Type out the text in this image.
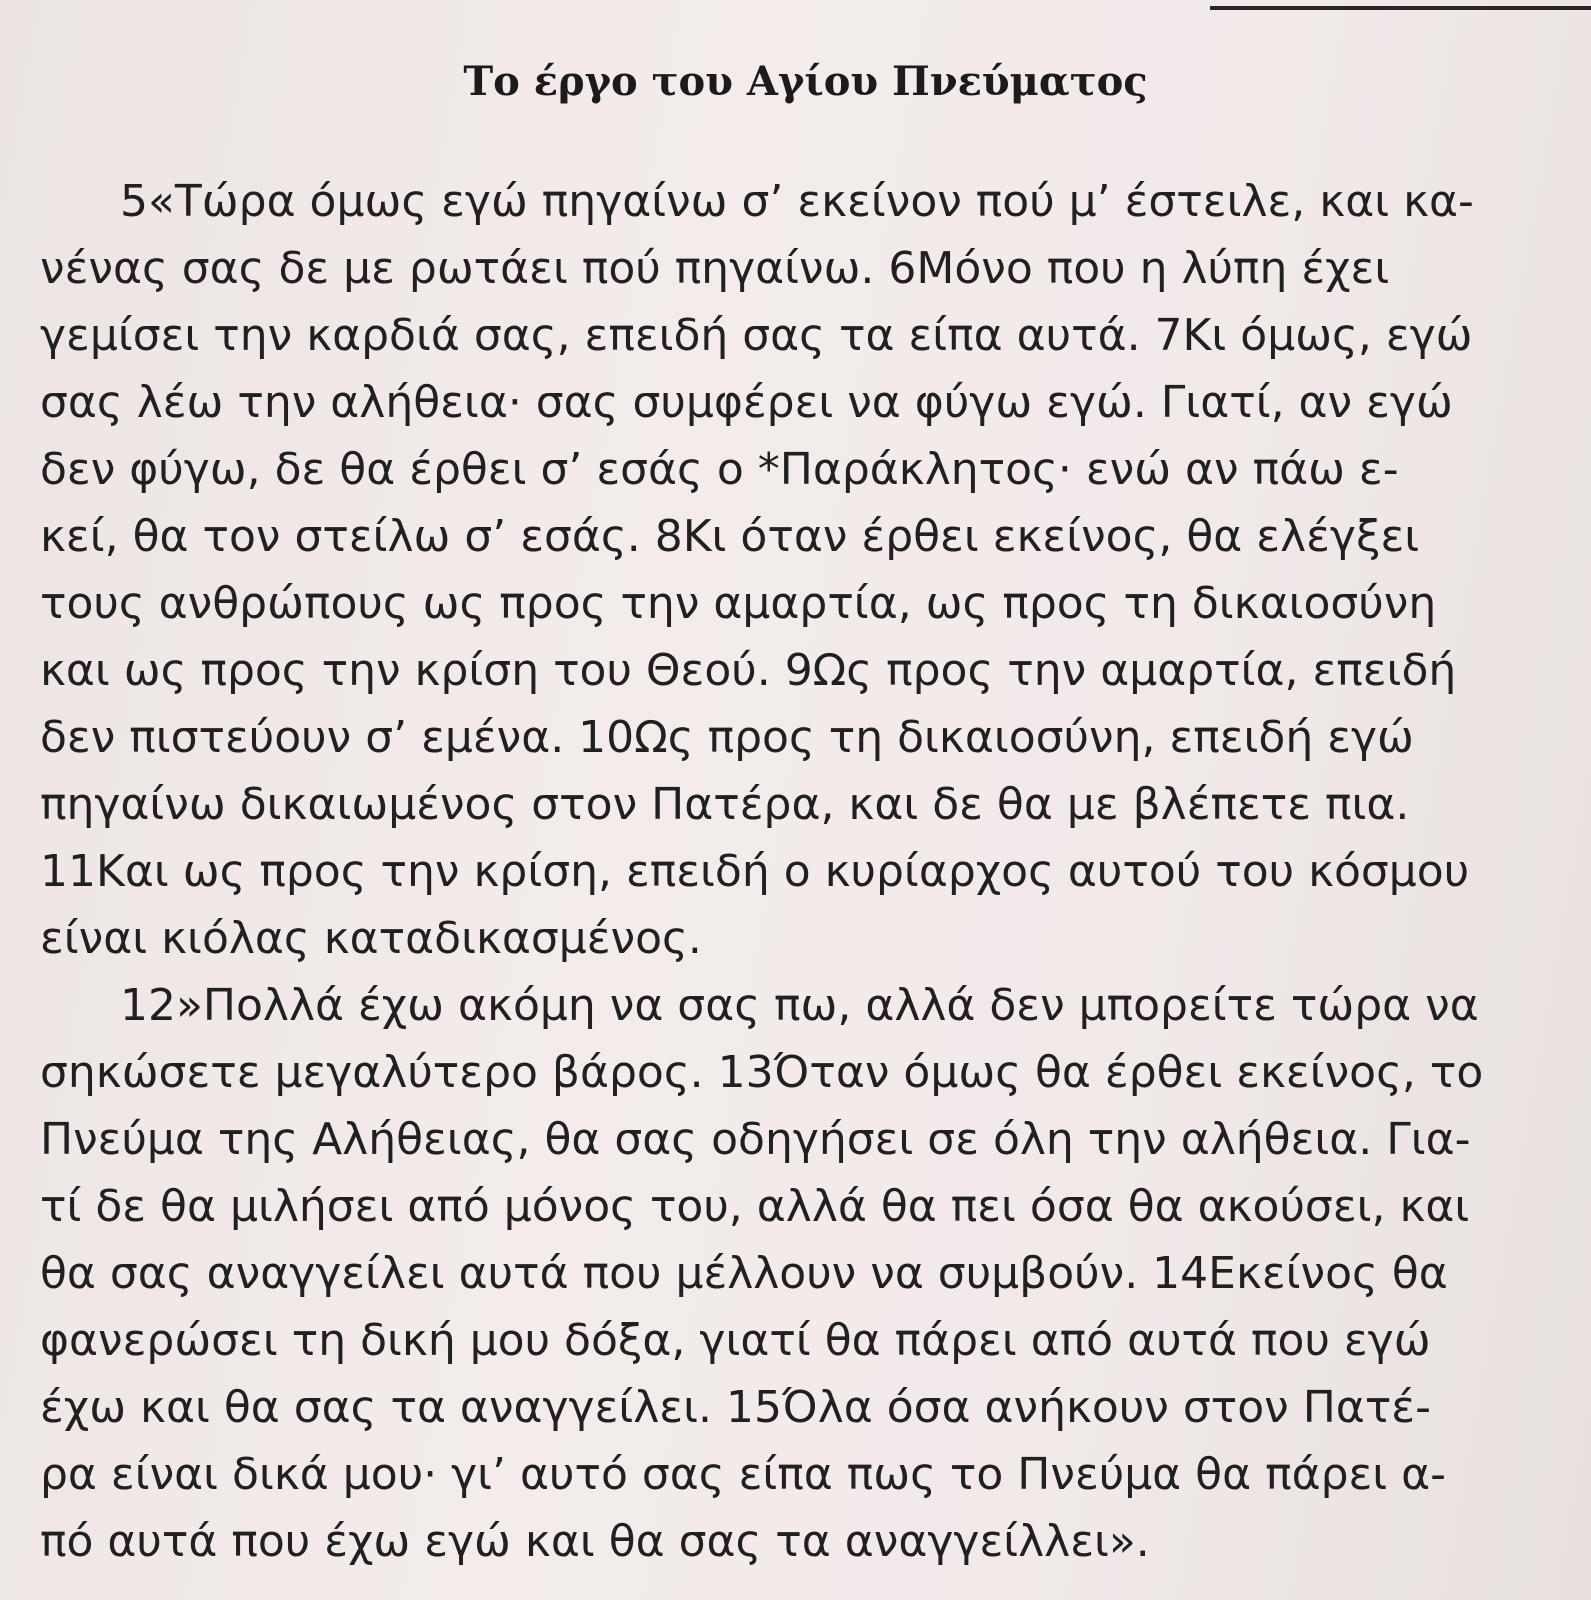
Το έργο του Αγίου Πνεύματος
5«Τώρα όμως εγώ πηγαίνω σ’ εκείνον πού μ’ έστειλε, και κα-
νένας σας δε με ρωτάει πού πηγαίνω. 6Μόνο που η λύπη έχει
γεμίσει την καρδιά σας, επειδή σας τα είπα αυτά. 7Κι όμως, εγώ
σας λέω την αλήθεια· σας συμφέρει να φύγω εγώ. Γιατί, αν εγώ
δεν φύγω, δε θα έρθει σ’ εσάς ο *Παράκλητος· ενώ αν πάω ε-
κεί, θα τον στείλω σ’ εσάς. 8Κι όταν έρθει εκείνος, θα ελέγξει
τους ανθρώπους ως προς την αμαρτία, ως προς τη δικαιοσύνη
και ως προς την κρίση του Θεού. 9Ως προς την αμαρτία, επειδή
δεν πιστεύουν σ’ εμένα. 10Ως προς τη δικαιοσύνη, επειδή εγώ
πηγαίνω δικαιωμένος στον Πατέρα, και δε θα με βλέπετε πια.
11Και ως προς την κρίση, επειδή ο κυρίαρχος αυτού του κόσμου
είναι κιόλας καταδικασμένος.
12»Πολλά έχω ακόμη να σας πω, αλλά δεν μπορείτε τώρα να
σηκώσετε μεγαλύτερο βάρος. 13Όταν όμως θα έρθει εκείνος, το
Πνεύμα της Αλήθειας, θα σας οδηγήσει σε όλη την αλήθεια. Για-
τί δε θα μιλήσει από μόνος του, αλλά θα πει όσα θα ακούσει, και
θα σας αναγγείλει αυτά που μέλλουν να συμβούν. 14Εκείνος θα
φανερώσει τη δική μου δόξα, γιατί θα πάρει από αυτά που εγώ
έχω και θα σας τα αναγγείλει. 15Όλα όσα ανήκουν στον Πατέ-
ρα είναι δικά μου· γι’ αυτό σας είπα πως το Πνεύμα θα πάρει α-
πό αυτά που έχω εγώ και θα σας τα αναγγείλλει».
